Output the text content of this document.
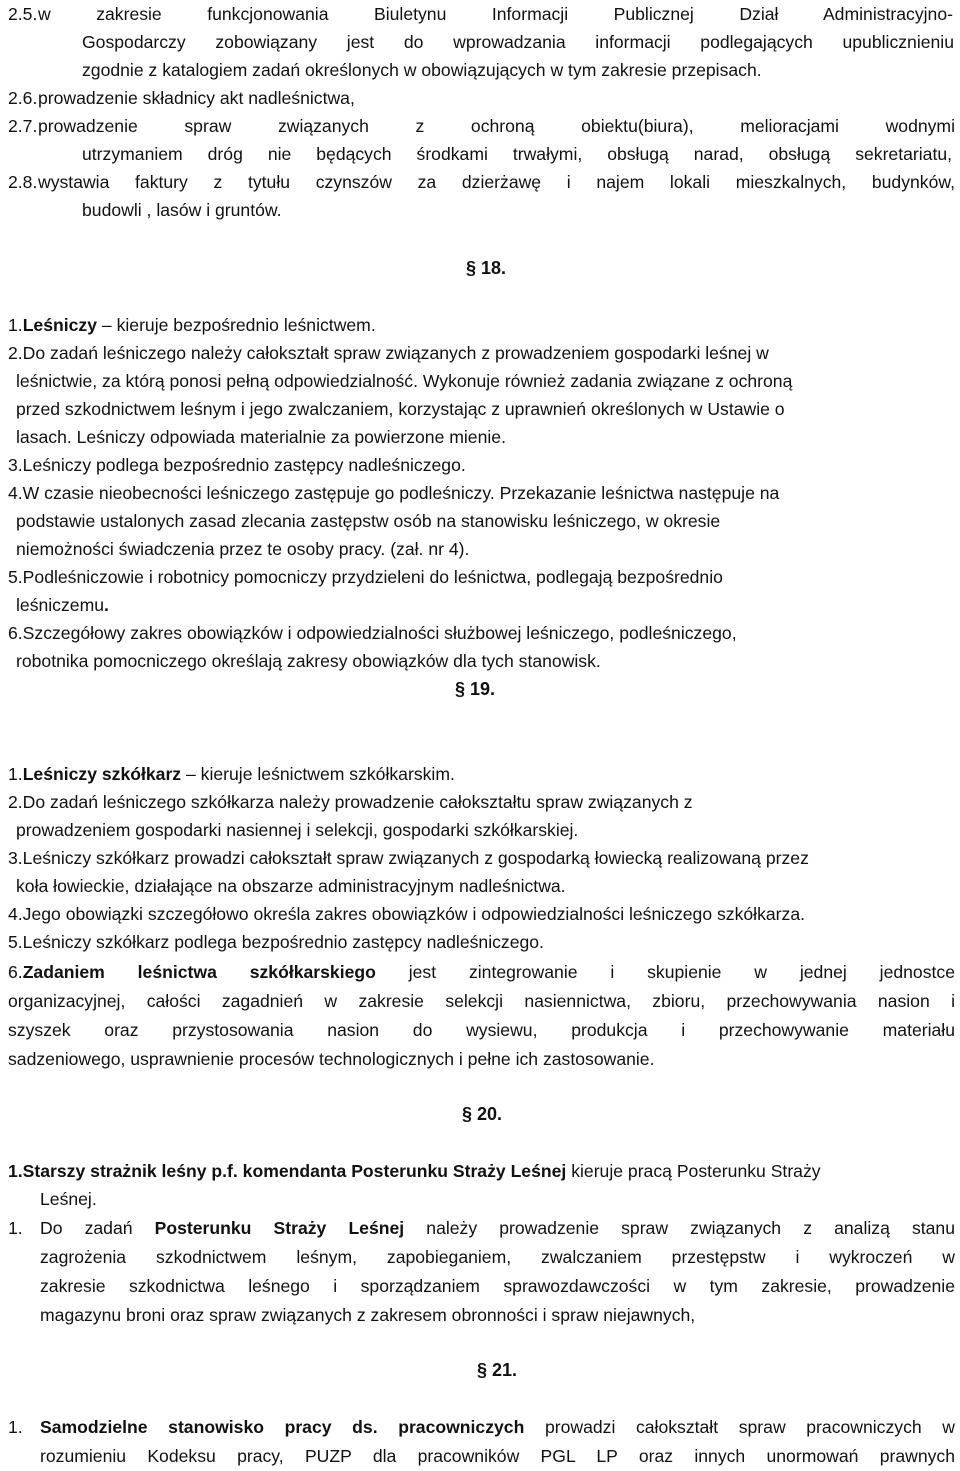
2.5. w zakresie funkcjonowania Biuletynu Informacji Publicznej Dział Administracyjno-
Gospodarczy zobowiązany jest do wprowadzania informacji podlegających upublicznieniu
zgodnie z katalogiem zadań określonych w obowiązujących w tym zakresie przepisach.
2.6. prowadzenie składnicy akt nadleśnictwa,
2.7. prowadzenie spraw związanych z ochroną obiektu(biura), melioracjami wodnymi
utrzymaniem dróg nie będących środkami trwałymi, obsługą narad, obsługą sekretariatu,
2.8. wystawia faktury z tytułu czynszów za dzierżawę i najem lokali mieszkalnych, budynków,
budowli , lasów i gruntów.
1.Leśniczy – kieruje bezpośrednio leśnictwem.
2.Do zadań leśniczego należy całokształt spraw związanych z prowadzeniem gospodarki leśnej w
leśnictwie, za którą ponosi pełną odpowiedzialność. Wykonuje również zadania związane z ochroną
przed szkodnictwem leśnym i jego zwalczaniem, korzystając z uprawnień określonych w Ustawie o
lasach. Leśniczy odpowiada materialnie za powierzone mienie.
3.Leśniczy podlega bezpośrednio zastępcy nadleśniczego.
4.W czasie nieobecności leśniczego zastępuje go podleśniczy. Przekazanie leśnictwa następuje na
podstawie ustalonych zasad zlecania zastępstw osób na stanowisku leśniczego, w okresie
niemożności świadczenia przez te osoby pracy. (zał. nr 4).
5.Podleśniczowie i robotnicy pomocniczy przydzieleni do leśnictwa, podlegają bezpośrednio
leśniczemu.
6.Szczegółowy zakres obowiązków i odpowiedzialności służbowej leśniczego, podleśniczego,
robotnika pomocniczego określają zakresy obowiązków dla tych stanowisk.
1.Leśniczy szkółkarz – kieruje leśnictwem szkółkarskim.
2.Do zadań leśniczego szkółkarza należy prowadzenie całokształtu spraw związanych z
prowadzeniem gospodarki nasiennej i selekcji, gospodarki szkółkarskiej.
3.Leśniczy szkółkarz prowadzi całokształt spraw związanych z gospodarką łowiecką realizowaną przez
koła łowieckie, działające na obszarze administracyjnym nadleśnictwa.
4.Jego obowiązki szczegółowo określa zakres obowiązków i odpowiedzialności leśniczego szkółkarza.
5.Leśniczy szkółkarz podlega bezpośrednio zastępcy nadleśniczego.
6.Zadaniem leśnictwa szkółkarskiego jest zintegrowanie i skupienie w jednej jednostce
organizacyjnej, całości zagadnień w zakresie selekcji nasiennictwa, zbioru, przechowywania nasion i
szyszek oraz przystosowania nasion do wysiewu, produkcja i przechowywanie materiału
sadzeniowego, usprawnienie procesów technologicznych i pełne ich zastosowanie.
1.Starszy strażnik leśny p.f. komendanta Posterunku Straży Leśnej kieruje pracą Posterunku Straży
Leśnej.
1. Do zadań Posterunku Straży Leśnej należy prowadzenie spraw związanych z analizą stanu
zagrożenia szkodnictwem leśnym, zapobieganiem, zwalczaniem przestępstw i wykroczeń w
zakresie szkodnictwa leśnego i sporządzaniem sprawozdawczości w tym zakresie, prowadzenie
magazynu broni oraz spraw związanych z zakresem obronności i spraw niejawnych,
1. Samodzielne stanowisko pracy ds. pracowniczych prowadzi całokształt spraw pracowniczych w
rozumieniu Kodeksu pracy, PUZP dla pracowników PGL LP oraz innych unormowań prawnych
§ 18.
§ 19.
§ 20.
§ 21.
